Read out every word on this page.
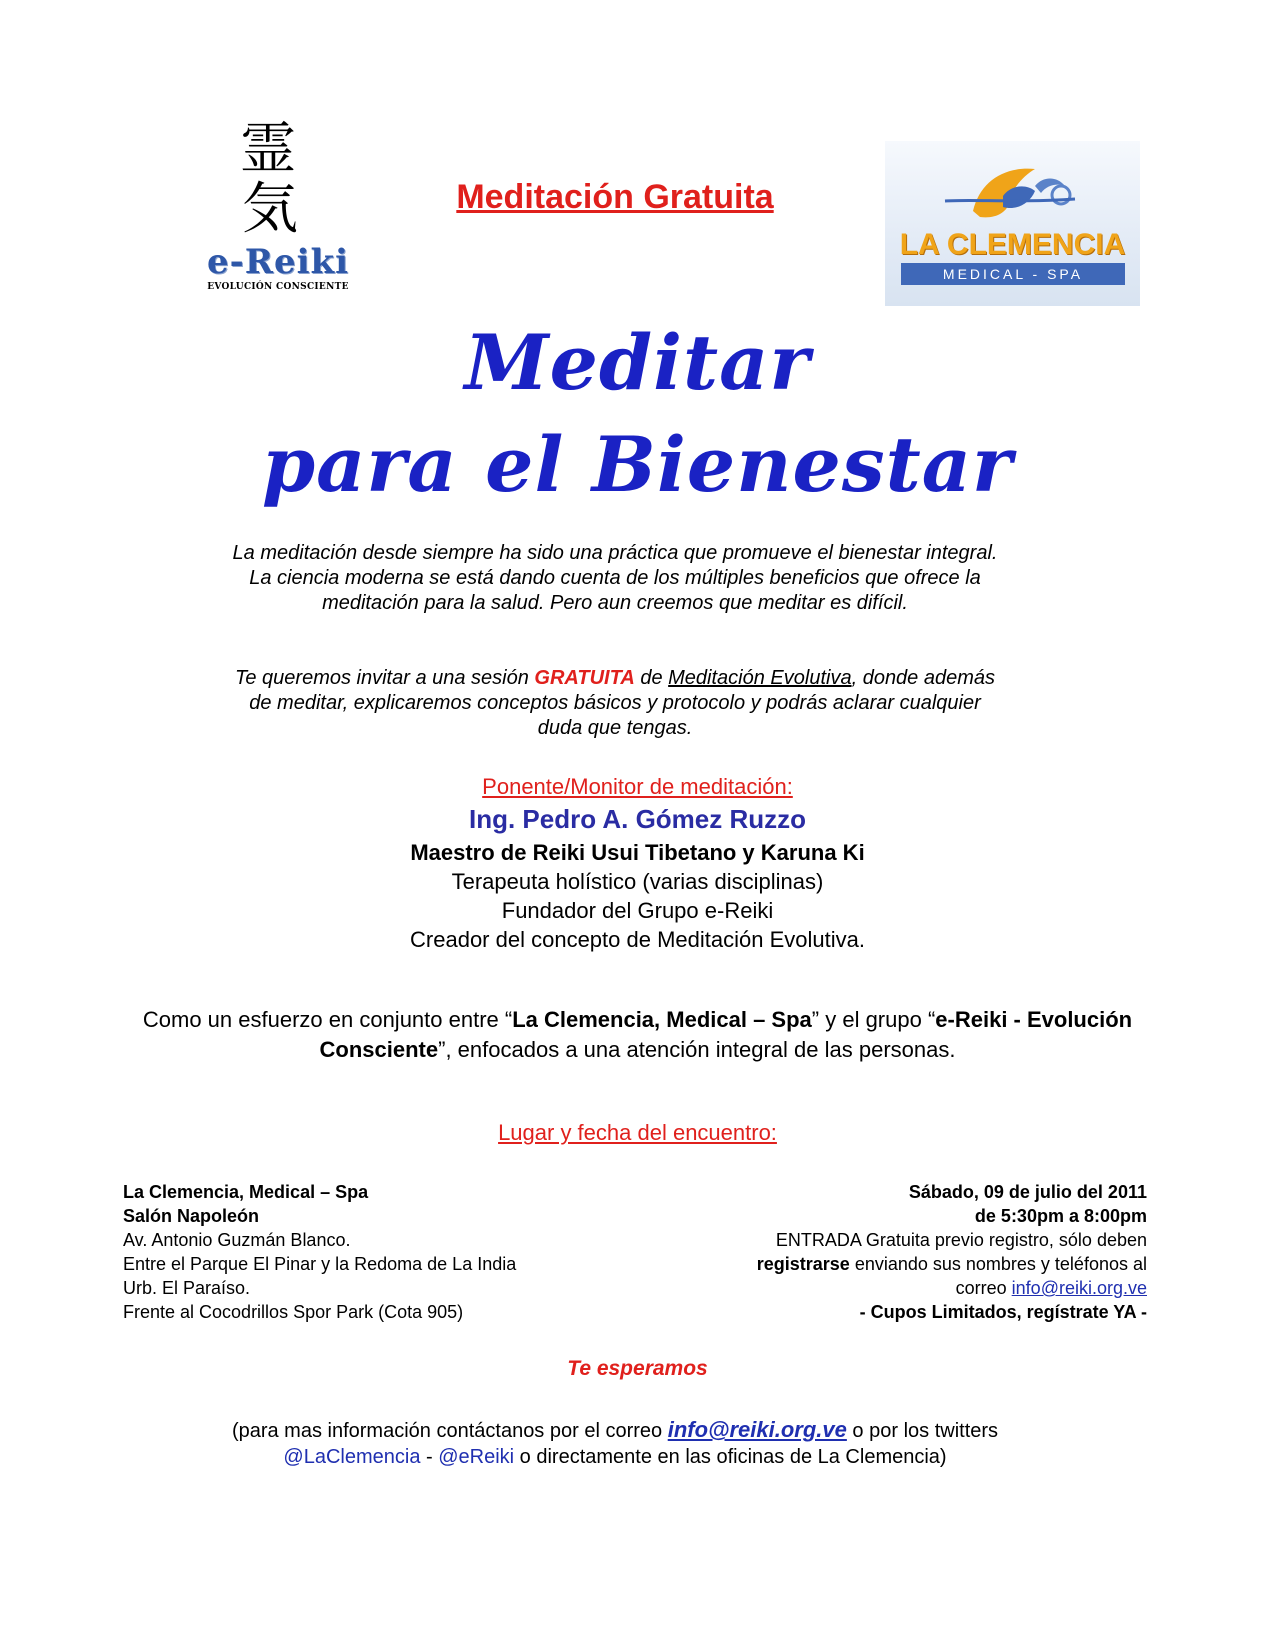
霊
気
e-Reiki
EVOLUCIÓN CONSCIENTE
Meditación Gratuita
LA CLEMENCIA
MEDICAL - SPA
Meditar
para el Bienestar
La meditación desde siempre ha sido una práctica que promueve el bienestar integral. La ciencia moderna se está dando cuenta de los múltiples beneficios que ofrece la meditación para la salud. Pero aun creemos que meditar es difícil.
Te queremos invitar a una sesión GRATUITA de Meditación Evolutiva, donde además de meditar, explicaremos conceptos básicos y protocolo y podrás aclarar cualquier duda que tengas.
Ponente/Monitor de meditación:
Ing. Pedro A. Gómez Ruzzo
Maestro de Reiki Usui Tibetano y Karuna Ki
Terapeuta holístico (varias disciplinas)
Fundador del Grupo e-Reiki
Creador del concepto de Meditación Evolutiva.
Como un esfuerzo en conjunto entre “La Clemencia, Medical – Spa” y el grupo “e-Reiki - Evolución Consciente”, enfocados a una atención integral de las personas.
Lugar y fecha del encuentro:
La Clemencia, Medical – Spa
Salón Napoleón
Av. Antonio Guzmán Blanco.
Entre el Parque El Pinar y la Redoma de La India
Urb. El Paraíso.
Frente al Cocodrillos Spor Park (Cota 905)
Sábado, 09 de julio del 2011
de 5:30pm a 8:00pm
ENTRADA Gratuita previo registro, sólo deben
registrarse enviando sus nombres y teléfonos al
correo info@reiki.org.ve
- Cupos Limitados, regístrate YA -
Te esperamos
(para mas información contáctanos por el correo info@reiki.org.ve o por los twitters @LaClemencia - @eReiki o directamente en las oficinas de La Clemencia)
